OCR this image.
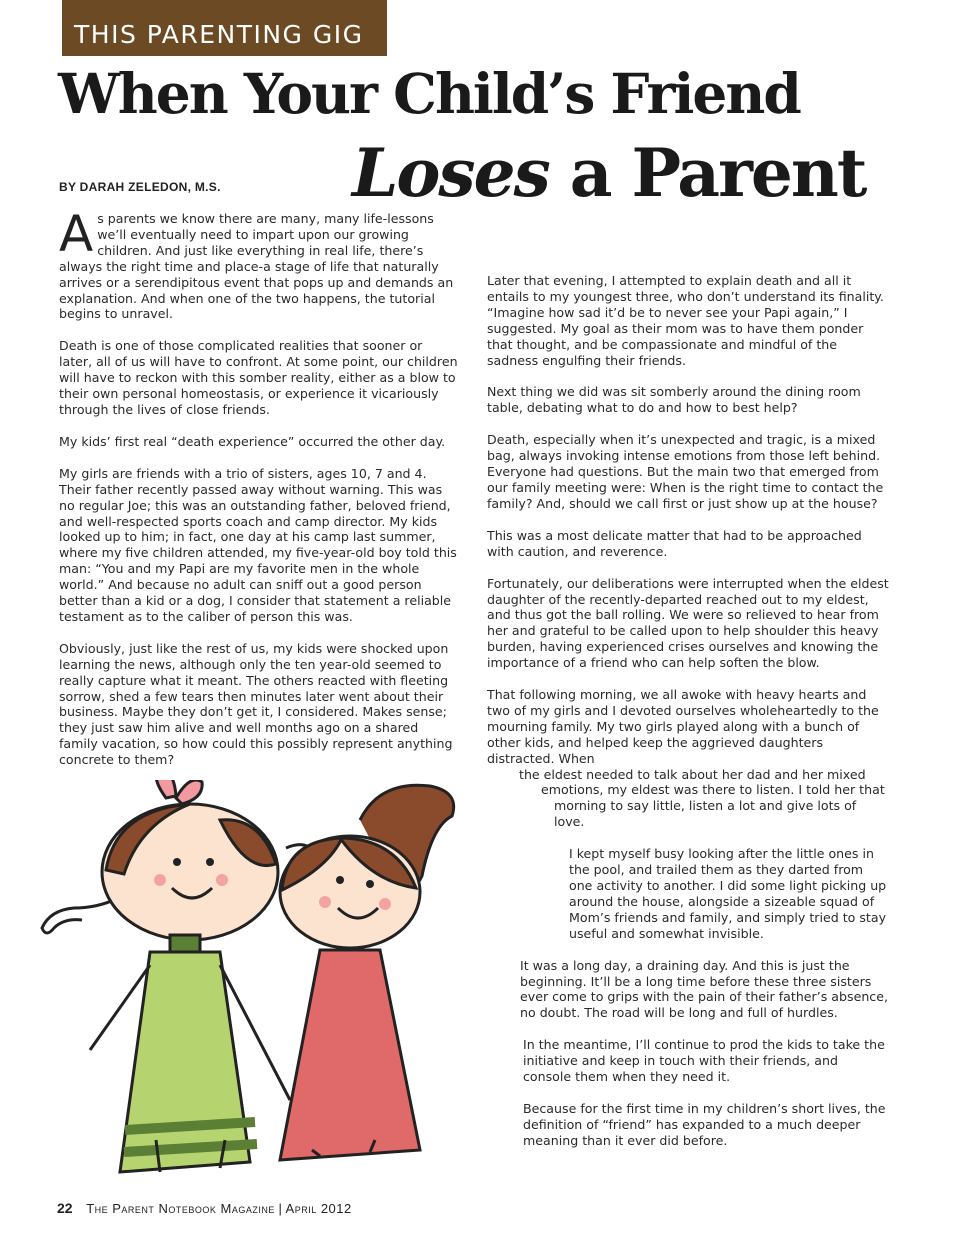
THIS PARENTING GIG
When Your Child’s Friend
Loses a Parent
BY DARAH ZELEDON, M.S.

As parents we know there are many, many life-lessons we’ll eventually need to impart upon our growing children. And just like everything in real life, there’s always the right time and place-a stage of life that naturally arrives or a serendipitous event that pops up and demands an explanation. And when one of the two happens, the tutorial begins to unravel.

Death is one of those complicated realities that sooner or later, all of us will have to confront. At some point, our children will have to reckon with this somber reality, either as a blow to their own personal homeostasis, or experience it vicariously through the lives of close friends.

My kids’ first real “death experience” occurred the other day.

My girls are friends with a trio of sisters, ages 10, 7 and 4. Their father recently passed away without warning. This was no regular Joe; this was an outstanding father, beloved friend, and well-respected sports coach and camp director. My kids looked up to him; in fact, one day at his camp last summer, where my five children attended, my five-year-old boy told this man: “You and my Papi are my favorite men in the whole world.” And because no adult can sniff out a good person better than a kid or a dog, I consider that statement a reliable testament as to the caliber of person this was.

Obviously, just like the rest of us, my kids were shocked upon learning the news, although only the ten year-old seemed to really capture what it meant. The others reacted with fleeting sorrow, shed a few tears then minutes later went about their business. Maybe they don’t get it, I considered. Makes sense; they just saw him alive and well months ago on a shared family vacation, so how could this possibly represent anything concrete to them?

Later that evening, I attempted to explain death and all it entails to my youngest three, who don’t understand its finality. “Imagine how sad it’d be to never see your Papi again,” I suggested. My goal as their mom was to have them ponder that thought, and be compassionate and mindful of the sadness engulfing their friends.

Next thing we did was sit somberly around the dining room table, debating what to do and how to best help?

Death, especially when it’s unexpected and tragic, is a mixed bag, always invoking intense emotions from those left behind. Everyone had questions. But the main two that emerged from our family meeting were: When is the right time to contact the family? And, should we call first or just show up at the house?

This was a most delicate matter that had to be approached with caution, and reverence.

Fortunately, our deliberations were interrupted when the eldest daughter of the recently-departed reached out to my eldest, and thus got the ball rolling. We were so relieved to hear from her and grateful to be called upon to help shoulder this heavy burden, having experienced crises ourselves and knowing the importance of a friend who can help soften the blow.

That following morning, we all awoke with heavy hearts and two of my girls and I devoted ourselves wholeheartedly to the mourning family. My two girls played along with a bunch of other kids, and helped keep the aggrieved daughters distracted. When
the eldest needed to talk about her dad and her mixed
emotions, my eldest was there to listen. I told her that
morning to say little, listen a lot and give lots of love.

I kept myself busy looking after the little ones in the pool, and trailed them as they darted from one activity to another. I did some light picking up around the house, alongside a sizeable squad of Mom’s friends and family, and simply tried to stay useful and somewhat invisible.

It was a long day, a draining day. And this is just the beginning. It’ll be a long time before these three sisters ever come to grips with the pain of their father’s absence, no doubt. The road will be long and full of hurdles.

In the meantime, I’ll continue to prod the kids to take the initiative and keep in touch with their friends, and console them when they need it.

Because for the first time in my children’s short lives, the definition of “friend” has expanded to a much deeper meaning than it ever did before.

22 The Parent Notebook Magazine | April 2012
